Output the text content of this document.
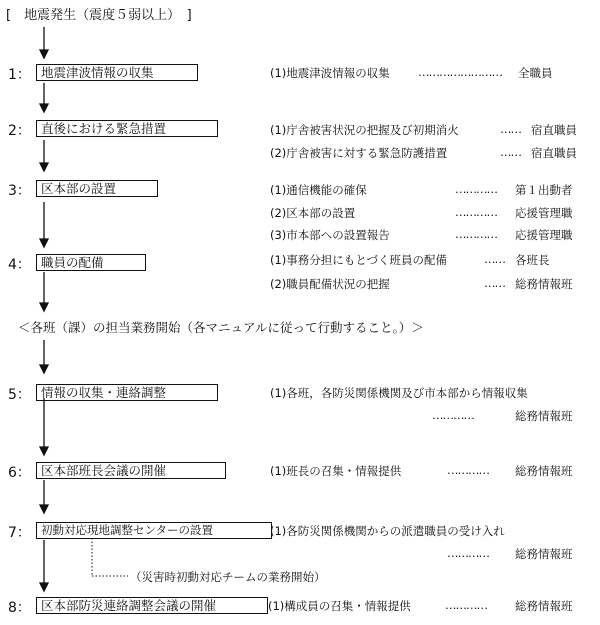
[　地震発生（震度５弱以上）　]
1： 地震津波情報の収集	(1)地震津波情報の収集 …………………… 全職員
2： 直後における緊急措置	(1)庁舎被害状況の把握及び初期消火	…… 宿直職員
(2)庁舎被害に対する緊急防護措置	…… 宿直職員
3： 区本部の設置	(1)通信機能の確保	………… 第１出動者
(2)区本部の設置	………… 応援管理職
(3)市本部への設置報告	………… 応援管理職
4： 職員の配備	(1)事務分担にもとづく班員の配備	…… 各班長
(2)職員配備状況の把握	…… 総務情報班
＜各班（課）の担当業務開始（各マニュアルに従って行動すること。）＞
5： 情報の収集・連絡調整	(1)各班，各防災関係機関及び市本部から情報収集
…………	総務情報班
6： 区本部班長会議の開催	(1)班長の召集・情報提供	………… 総務情報班
7： 初動対応現地調整センターの設置	(1)各防災関係機関からの派遣職員の受け入れ
………… 総務情報班
（災害時初動対応チームの業務開始）
8： 区本部防災連絡調整会議の開催	(1)構成員の召集・情報提供	………… 総務情報班
